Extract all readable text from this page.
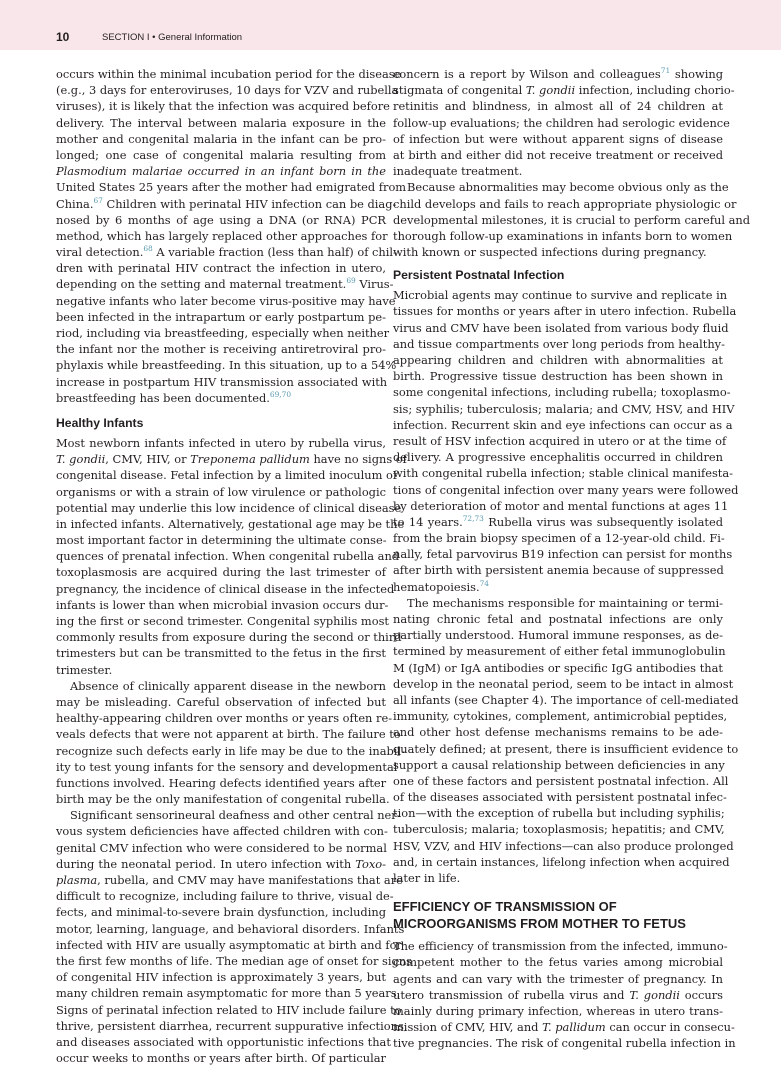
10	SECTION I • General Information
occurs within the minimal incubation period for the disease
(e.g., 3 days for enteroviruses, 10 days for VZV and rubella
viruses), it is likely that the infection was acquired before
delivery. The interval between malaria exposure in the
mother and congenital malaria in the infant can be pro-
longed; one case of congenital malaria resulting from
Plasmodium malariae occurred in an infant born in the
United States 25 years after the mother had emigrated from
China.$^{67}$ Children with perinatal HIV infection can be diag-
nosed by 6 months of age using a DNA (or RNA) PCR
method, which has largely replaced other approaches for
viral detection.$^{68}$ A variable fraction (less than half) of chil-
dren with perinatal HIV contract the infection in utero,
depending on the setting and maternal treatment.$^{69}$ Virus-
negative infants who later become virus-positive may have
been infected in the intrapartum or early postpartum pe-
riod, including via breastfeeding, especially when neither
the infant nor the mother is receiving antiretroviral pro-
phylaxis while breastfeeding. In this situation, up to a 54%
increase in postpartum HIV transmission associated with
breastfeeding has been documented.$^{69,70}$
Healthy Infants
Most newborn infants infected in utero by rubella virus,
T. gondii, CMV, HIV, or Treponema pallidum have no signs of
congenital disease. Fetal infection by a limited inoculum of
organisms or with a strain of low virulence or pathologic
potential may underlie this low incidence of clinical disease
in infected infants. Alternatively, gestational age may be the
most important factor in determining the ultimate conse-
quences of prenatal infection. When congenital rubella and
toxoplasmosis are acquired during the last trimester of
pregnancy, the incidence of clinical disease in the infected
infants is lower than when microbial invasion occurs dur-
ing the first or second trimester. Congenital syphilis most
commonly results from exposure during the second or third
trimesters but can be transmitted to the fetus in the first
trimester.
Absence of clinically apparent disease in the newborn
may be misleading. Careful observation of infected but
healthy-appearing children over months or years often re-
veals defects that were not apparent at birth. The failure to
recognize such defects early in life may be due to the inabil-
ity to test young infants for the sensory and developmental
functions involved. Hearing defects identified years after
birth may be the only manifestation of congenital rubella.
Significant sensorineural deafness and other central ner-
vous system deficiencies have affected children with con-
genital CMV infection who were considered to be normal
during the neonatal period. In utero infection with Toxo-
plasma, rubella, and CMV may have manifestations that are
difficult to recognize, including failure to thrive, visual de-
fects, and minimal-to-severe brain dysfunction, including
motor, learning, language, and behavioral disorders. Infants
infected with HIV are usually asymptomatic at birth and for
the first few months of life. The median age of onset for signs
of congenital HIV infection is approximately 3 years, but
many children remain asymptomatic for more than 5 years.
Signs of perinatal infection related to HIV include failure to
thrive, persistent diarrhea, recurrent suppurative infections,
and diseases associated with opportunistic infections that
occur weeks to months or years after birth. Of particular
concern is a report by Wilson and colleagues$^{71}$ showing
stigmata of congenital T. gondii infection, including chorio-
retinitis and blindness, in almost all of 24 children at
follow-up evaluations; the children had serologic evidence
of infection but were without apparent signs of disease
at birth and either did not receive treatment or received
inadequate treatment.
Because abnormalities may become obvious only as the
child develops and fails to reach appropriate physiologic or
developmental milestones, it is crucial to perform careful and
thorough follow-up examinations in infants born to women
with known or suspected infections during pregnancy.
Persistent Postnatal Infection
Microbial agents may continue to survive and replicate in
tissues for months or years after in utero infection. Rubella
virus and CMV have been isolated from various body fluid
and tissue compartments over long periods from healthy-
appearing children and children with abnormalities at
birth. Progressive tissue destruction has been shown in
some congenital infections, including rubella; toxoplasmo-
sis; syphilis; tuberculosis; malaria; and CMV, HSV, and HIV
infection. Recurrent skin and eye infections can occur as a
result of HSV infection acquired in utero or at the time of
delivery. A progressive encephalitis occurred in children
with congenital rubella infection; stable clinical manifesta-
tions of congenital infection over many years were followed
by deterioration of motor and mental functions at ages 11
to 14 years.$^{72,73}$ Rubella virus was subsequently isolated
from the brain biopsy specimen of a 12-year-old child. Fi-
nally, fetal parvovirus B19 infection can persist for months
after birth with persistent anemia because of suppressed
hematopoiesis.$^{74}$
The mechanisms responsible for maintaining or termi-
nating chronic fetal and postnatal infections are only
partially understood. Humoral immune responses, as de-
termined by measurement of either fetal immunoglobulin
M (IgM) or IgA antibodies or specific IgG antibodies that
develop in the neonatal period, seem to be intact in almost
all infants (see Chapter 4). The importance of cell-mediated
immunity, cytokines, complement, antimicrobial peptides,
and other host defense mechanisms remains to be ade-
quately defined; at present, there is insufficient evidence to
support a causal relationship between deficiencies in any
one of these factors and persistent postnatal infection. All
of the diseases associated with persistent postnatal infec-
tion—with the exception of rubella but including syphilis;
tuberculosis; malaria; toxoplasmosis; hepatitis; and CMV,
HSV, VZV, and HIV infections—can also produce prolonged
and, in certain instances, lifelong infection when acquired
later in life.
EFFICIENCY OF TRANSMISSION OF
MICROORGANISMS FROM MOTHER TO FETUS
The efficiency of transmission from the infected, immuno-
competent mother to the fetus varies among microbial
agents and can vary with the trimester of pregnancy. In
utero transmission of rubella virus and T. gondii occurs
mainly during primary infection, whereas in utero trans-
mission of CMV, HIV, and T. pallidum can occur in consecu-
tive pregnancies. The risk of congenital rubella infection in
